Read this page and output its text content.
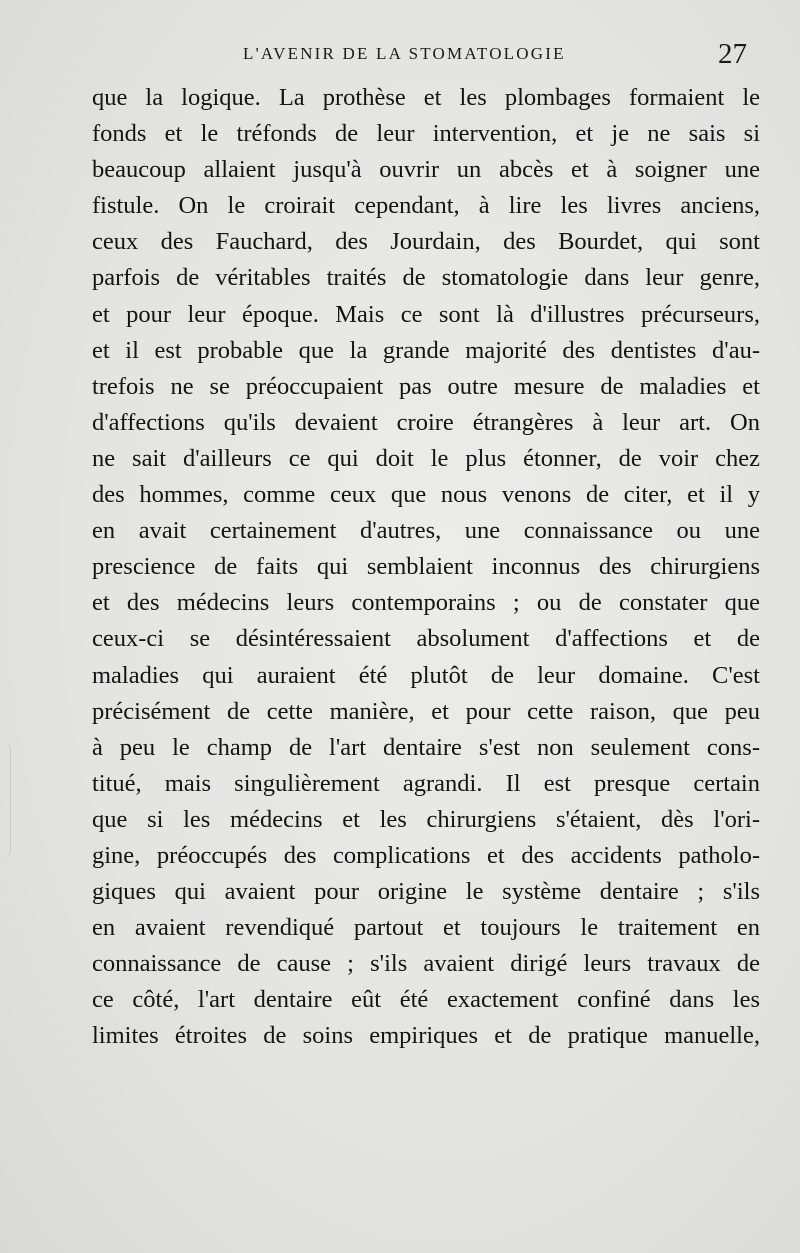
L'AVENIR DE LA STOMATOLOGIE	27
que la logique. La prothèse et les plombages formaient le
fonds et le tréfonds de leur intervention, et je ne sais si
beaucoup allaient jusqu'à ouvrir un abcès et à soigner une
fistule. On le croirait cependant, à lire les livres anciens,
ceux des Fauchard, des Jourdain, des Bourdet, qui sont
parfois de véritables traités de stomatologie dans leur genre,
et pour leur époque. Mais ce sont là d'illustres précurseurs,
et il est probable que la grande majorité des dentistes d'au-
trefois ne se préoccupaient pas outre mesure de maladies et
d'affections qu'ils devaient croire étrangères à leur art. On
ne sait d'ailleurs ce qui doit le plus étonner, de voir chez
des hommes, comme ceux que nous venons de citer, et il y
en avait certainement d'autres, une connaissance ou une
prescience de faits qui semblaient inconnus des chirurgiens
et des médecins leurs contemporains ; ou de constater que
ceux-ci se désintéressaient absolument d'affections et de
maladies qui auraient été plutôt de leur domaine. C'est
précisément de cette manière, et pour cette raison, que peu
à peu le champ de l'art dentaire s'est non seulement cons-
titué, mais singulièrement agrandi. Il est presque certain
que si les médecins et les chirurgiens s'étaient, dès l'ori-
gine, préoccupés des complications et des accidents patholo-
giques qui avaient pour origine le système dentaire ; s'ils
en avaient revendiqué partout et toujours le traitement en
connaissance de cause ; s'ils avaient dirigé leurs travaux de
ce côté, l'art dentaire eût été exactement confiné dans les
limites étroites de soins empiriques et de pratique manuelle,
